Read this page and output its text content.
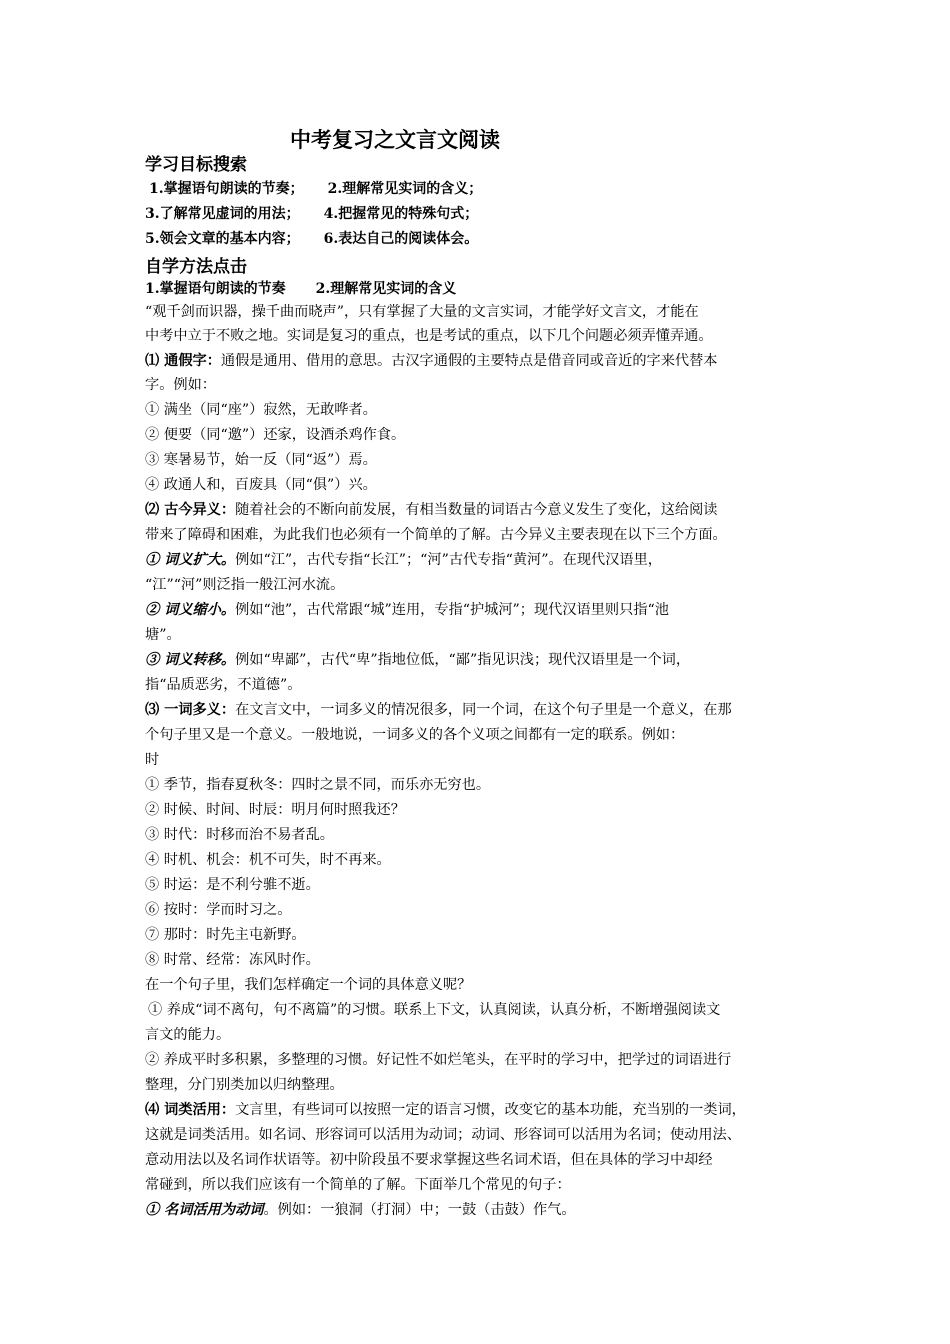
中考复习之文言文阅读
学习目标搜索
1.掌握语句朗读的节奏； 2.理解常见实词的含义；
3.了解常见虚词的用法； 4.把握常见的特殊句式；
5.领会文章的基本内容； 6.表达自己的阅读体会。
自学方法点击
1.掌握语句朗读的节奏 2.理解常见实词的含义
“观千剑而识器，操千曲而晓声”，只有掌握了大量的文言实词，才能学好文言文，才能在
中考中立于不败之地。实词是复习的重点，也是考试的重点，以下几个问题必须弄懂弄通。
⑴ 通假字：通假是通用、借用的意思。古汉字通假的主要特点是借音同或音近的字来代替本
字。例如：
① 满坐（同“座”）寂然，无敢哗者。
② 便要（同“邀”）还家，设酒杀鸡作食。
③ 寒暑易节，始一反（同“返”）焉。
④ 政通人和，百废具（同“俱”）兴。
⑵ 古今异义：随着社会的不断向前发展，有相当数量的词语古今意义发生了变化，这给阅读
带来了障碍和困难，为此我们也必须有一个简单的了解。古今异义主要表现在以下三个方面。
① 词义扩大。例如“江”，古代专指“长江”；“河”古代专指“黄河”。在现代汉语里，
“江”“河”则泛指一般江河水流。
② 词义缩小。例如“池”，古代常跟“城”连用，专指“护城河”；现代汉语里则只指“池
塘”。
③ 词义转移。例如“卑鄙”，古代“卑”指地位低，“鄙”指见识浅；现代汉语里是一个词，
指“品质恶劣，不道德”。
⑶ 一词多义：在文言文中，一词多义的情况很多，同一个词，在这个句子里是一个意义，在那
个句子里又是一个意义。一般地说，一词多义的各个义项之间都有一定的联系。例如：
时
① 季节，指春夏秋冬：四时之景不同，而乐亦无穷也。
② 时候、时间、时辰：明月何时照我还？
③ 时代：时移而治不易者乱。
④ 时机、机会：机不可失，时不再来。
⑤ 时运：是不利兮骓不逝。
⑥ 按时：学而时习之。
⑦ 那时：时先主屯新野。
⑧ 时常、经常：冻风时作。
在一个句子里，我们怎样确定一个词的具体意义呢？
① 养成“词不离句，句不离篇”的习惯。联系上下文，认真阅读，认真分析，不断增强阅读文
言文的能力。
② 养成平时多积累，多整理的习惯。好记性不如烂笔头，在平时的学习中，把学过的词语进行
整理，分门别类加以归纳整理。
⑷ 词类活用：文言里，有些词可以按照一定的语言习惯，改变它的基本功能，充当别的一类词，
这就是词类活用。如名词、形容词可以活用为动词；动词、形容词可以活用为名词；使动用法、
意动用法以及名词作状语等。初中阶段虽不要求掌握这些名词术语，但在具体的学习中却经
常碰到，所以我们应该有一个简单的了解。下面举几个常见的句子：
① 名词活用为动词。例如：一狼洞（打洞）中；一鼓（击鼓）作气。
